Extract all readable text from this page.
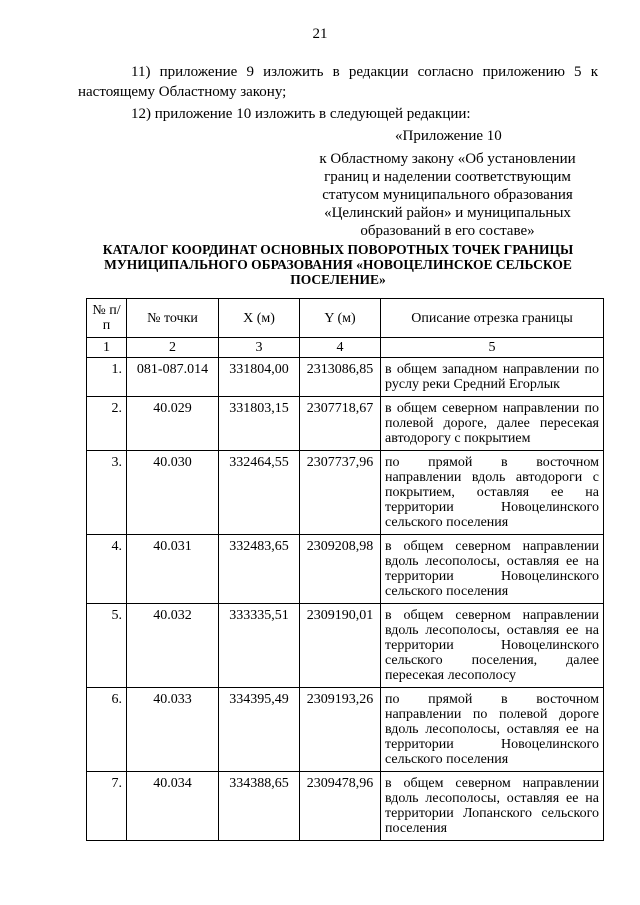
21
11) приложение 9 изложить в редакции согласно приложению 5 к настоящему Областному закону;
12) приложение 10 изложить в следующей редакции:
«Приложение 10
к Областному закону «Об установлении границ и наделении соответствующим статусом муниципального образования «Целинский район» и муниципальных образований в его составе»
КАТАЛОГ КООРДИНАТ ОСНОВНЫХ ПОВОРОТНЫХ ТОЧЕК ГРАНИЦЫ МУНИЦИПАЛЬНОГО ОБРАЗОВАНИЯ «НОВОЦЕЛИНСКОЕ СЕЛЬСКОЕ ПОСЕЛЕНИЕ»
№ п/п	№ точки	X (м)	Y (м)	Описание отрезка границы
1	2	3	4	5
1.	081-087.014	331804,00	2313086,85	в общем западном направлении по руслу реки Средний Егорлык
2.	40.029	331803,15	2307718,67	в общем северном направлении по полевой дороге, далее пересекая автодорогу с покрытием
3.	40.030	332464,55	2307737,96	по прямой в восточном направлении вдоль автодороги с покрытием, оставляя ее на территории Новоцелинского сельского поселения
4.	40.031	332483,65	2309208,98	в общем северном направлении вдоль лесополосы, оставляя ее на территории Новоцелинского сельского поселения
5.	40.032	333335,51	2309190,01	в общем северном направлении вдоль лесополосы, оставляя ее на территории Новоцелинского сельского поселения, далее пересекая лесополосу
6.	40.033	334395,49	2309193,26	по прямой в восточном направлении по полевой дороге вдоль лесополосы, оставляя ее на территории Новоцелинского сельского поселения
7.	40.034	334388,65	2309478,96	в общем северном направлении вдоль лесополосы, оставляя ее на территории Лопанского сельского поселения
